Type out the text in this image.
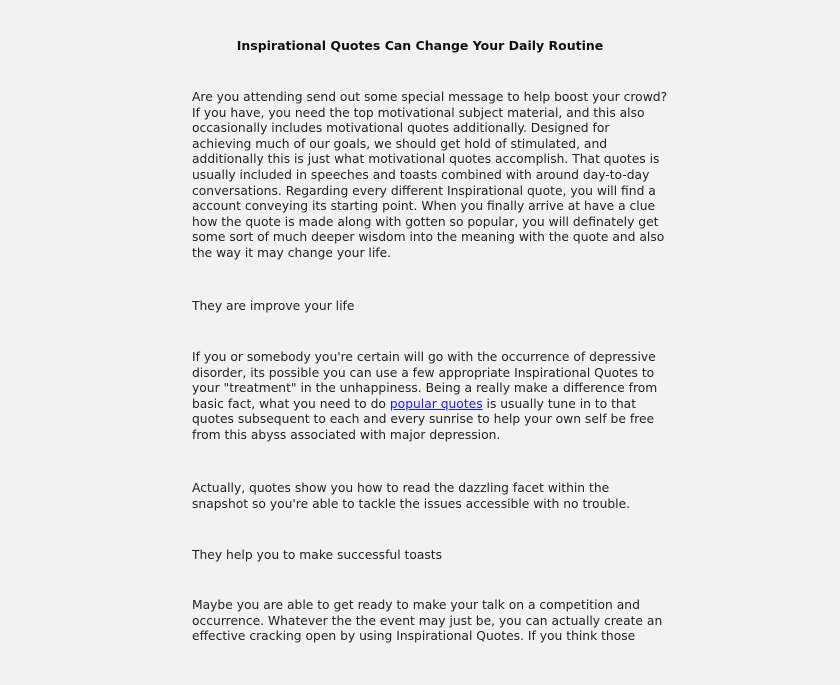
Inspirational Quotes Can Change Your Daily Routine

Are you attending send out some special message to help boost your crowd?
If you have, you need the top motivational subject material, and this also
occasionally includes motivational quotes additionally. Designed for
achieving much of our goals, we should get hold of stimulated, and
additionally this is just what motivational quotes accomplish. That quotes is
usually included in speeches and toasts combined with around day-to-day
conversations. Regarding every different Inspirational quote, you will find a
account conveying its starting point. When you finally arrive at have a clue
how the quote is made along with gotten so popular, you will definately get
some sort of much deeper wisdom into the meaning with the quote and also
the way it may change your life.

They are improve your life

If you or somebody you're certain will go with the occurrence of depressive
disorder, its possible you can use a few appropriate Inspirational Quotes to
your "treatment" in the unhappiness. Being a really make a difference from
basic fact, what you need to do popular quotes is usually tune in to that
quotes subsequent to each and every sunrise to help your own self be free
from this abyss associated with major depression.

Actually, quotes show you how to read the dazzling facet within the
snapshot so you're able to tackle the issues accessible with no trouble.

They help you to make successful toasts

Maybe you are able to get ready to make your talk on a competition and
occurrence. Whatever the the event may just be, you can actually create an
effective cracking open by using Inspirational Quotes. If you think those
